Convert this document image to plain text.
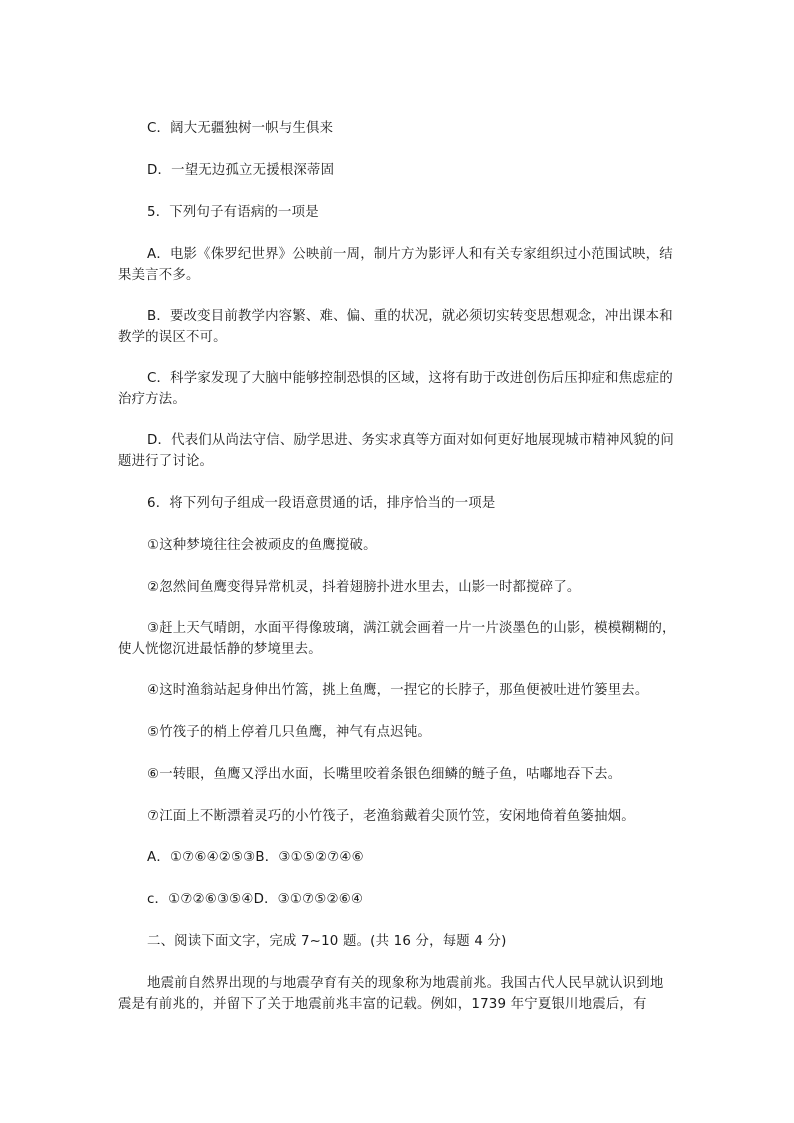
C．阔大无疆独树一帜与生俱来

D．一望无边孤立无援根深蒂固

5．下列句子有语病的一项是

A．电影《侏罗纪世界》公映前一周，制片方为影评人和有关专家组织过小范围试映，结果美言不多。

B．要改变目前教学内容繁、难、偏、重的状况，就必须切实转变思想观念，冲出课本和教学的误区不可。

C．科学家发现了大脑中能够控制恐惧的区域，这将有助于改进创伤后压抑症和焦虑症的治疗方法。

D．代表们从尚法守信、励学思进、务实求真等方面对如何更好地展现城市精神风貌的问题进行了讨论。

6．将下列句子组成一段语意贯通的话，排序恰当的一项是

①这种梦境往往会被顽皮的鱼鹰搅破。

②忽然间鱼鹰变得异常机灵，抖着翅膀扑进水里去，山影一时都搅碎了。

③赶上天气晴朗，水面平得像玻璃，满江就会画着一片一片淡墨色的山影，模模糊糊的，使人恍惚沉进最恬静的梦境里去。

④这时渔翁站起身伸出竹篙，挑上鱼鹰，一捏它的长脖子，那鱼便被吐进竹篓里去。

⑤竹筏子的梢上停着几只鱼鹰，神气有点迟钝。

⑥一转眼，鱼鹰又浮出水面，长嘴里咬着条银色细鳞的鲢子鱼，咕嘟地吞下去。

⑦江面上不断漂着灵巧的小竹筏子，老渔翁戴着尖顶竹笠，安闲地倚着鱼篓抽烟。

A．①⑦⑥④②⑤③B．③①⑤②⑦④⑥

c．①⑦②⑥③⑤④D．③①⑦⑤②⑥④

二、阅读下面文字，完成 7~10 题。(共 16 分，每题 4 分)

地震前自然界出现的与地震孕育有关的现象称为地震前兆。我国古代人民早就认识到地震是有前兆的，并留下了关于地震前兆丰富的记载。例如，1739 年宁夏银川地震后，有
